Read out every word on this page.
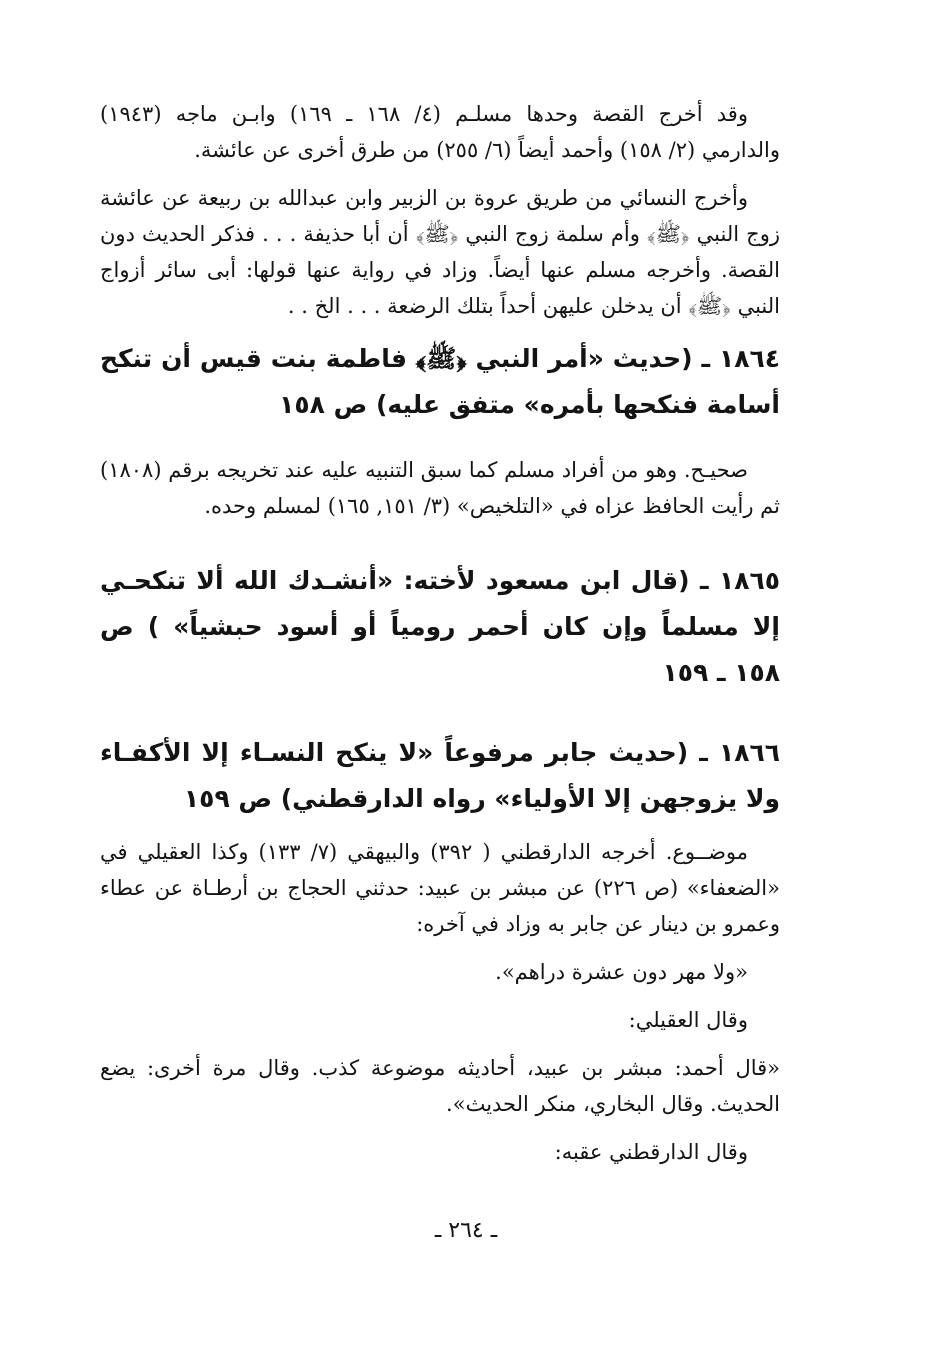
وقد أخرج القصة وحدها مسلـم (٤/ ١٦٨ ـ ١٦٩) وابـن ماجه (١٩٤٣) والدارمي (٢/ ١٥٨) وأحمد أيضاً (٦/ ٢٥٥) من طرق أخرى عن عائشة.

وأخرج النسائي من طريق عروة بن الزبير وابن عبدالله بن ربيعة عن عائشة زوج النبي ﴿ﷺ﴾ وأم سلمة زوج النبي ﴿ﷺ﴾ أن أبا حذيفة . . . فذكر الحديث دون القصة. وأخرجه مسلم عنها أيضاً. وزاد في رواية عنها قولها: أبى سائر أزواج النبي ﴿ﷺ﴾ أن يدخلن عليهن أحداً بتلك الرضعة . . . الخ . .

١٨٦٤ ـ (حديث «أمر النبي ﴿ﷺ﴾ فاطمة بنت قيس أن تنكح أسامة فنكحها بأمره» متفق عليه) ص ١٥٨

صحيـح. وهو من أفراد مسلم كما سبق التنبيه عليه عند تخريجه برقم (١٨٠٨) ثم رأيت الحافظ عزاه في «التلخيص» (٣/ ١٥١, ١٦٥) لمسلم وحده.

١٨٦٥ ـ (قال ابن مسعود لأخته: «أنشـدك الله ألا تنكحـي إلا مسلماً وإن كان أحمر رومياً أو أسود حبشياً» ) ص ١٥٨ ـ ١٥٩

١٨٦٦ ـ (حديث جابر مرفوعاً «لا ينكح النسـاء إلا الأكفـاء ولا يزوجهن إلا الأولياء» رواه الدارقطني) ص ١٥٩

موضــوع. أخرجه الدارقطني ( ٣٩٢) والبيهقي (٧/ ١٣٣) وكذا العقيلي في «الضعفاء» (ص ٢٢٦) عن مبشر بن عبيد: حدثني الحجاج بن أرطـاة عن عطاء وعمرو بن دينار عن جابر به وزاد في آخره:

«ولا مهر دون عشرة دراهم».

وقال العقيلي:

«قال أحمد: مبشر بن عبيد، أحاديثه موضوعة كذب. وقال مرة أخرى: يضع الحديث. وقال البخاري، منكر الحديث».

وقال الدارقطني عقبه:

ـ ٢٦٤ ـ
